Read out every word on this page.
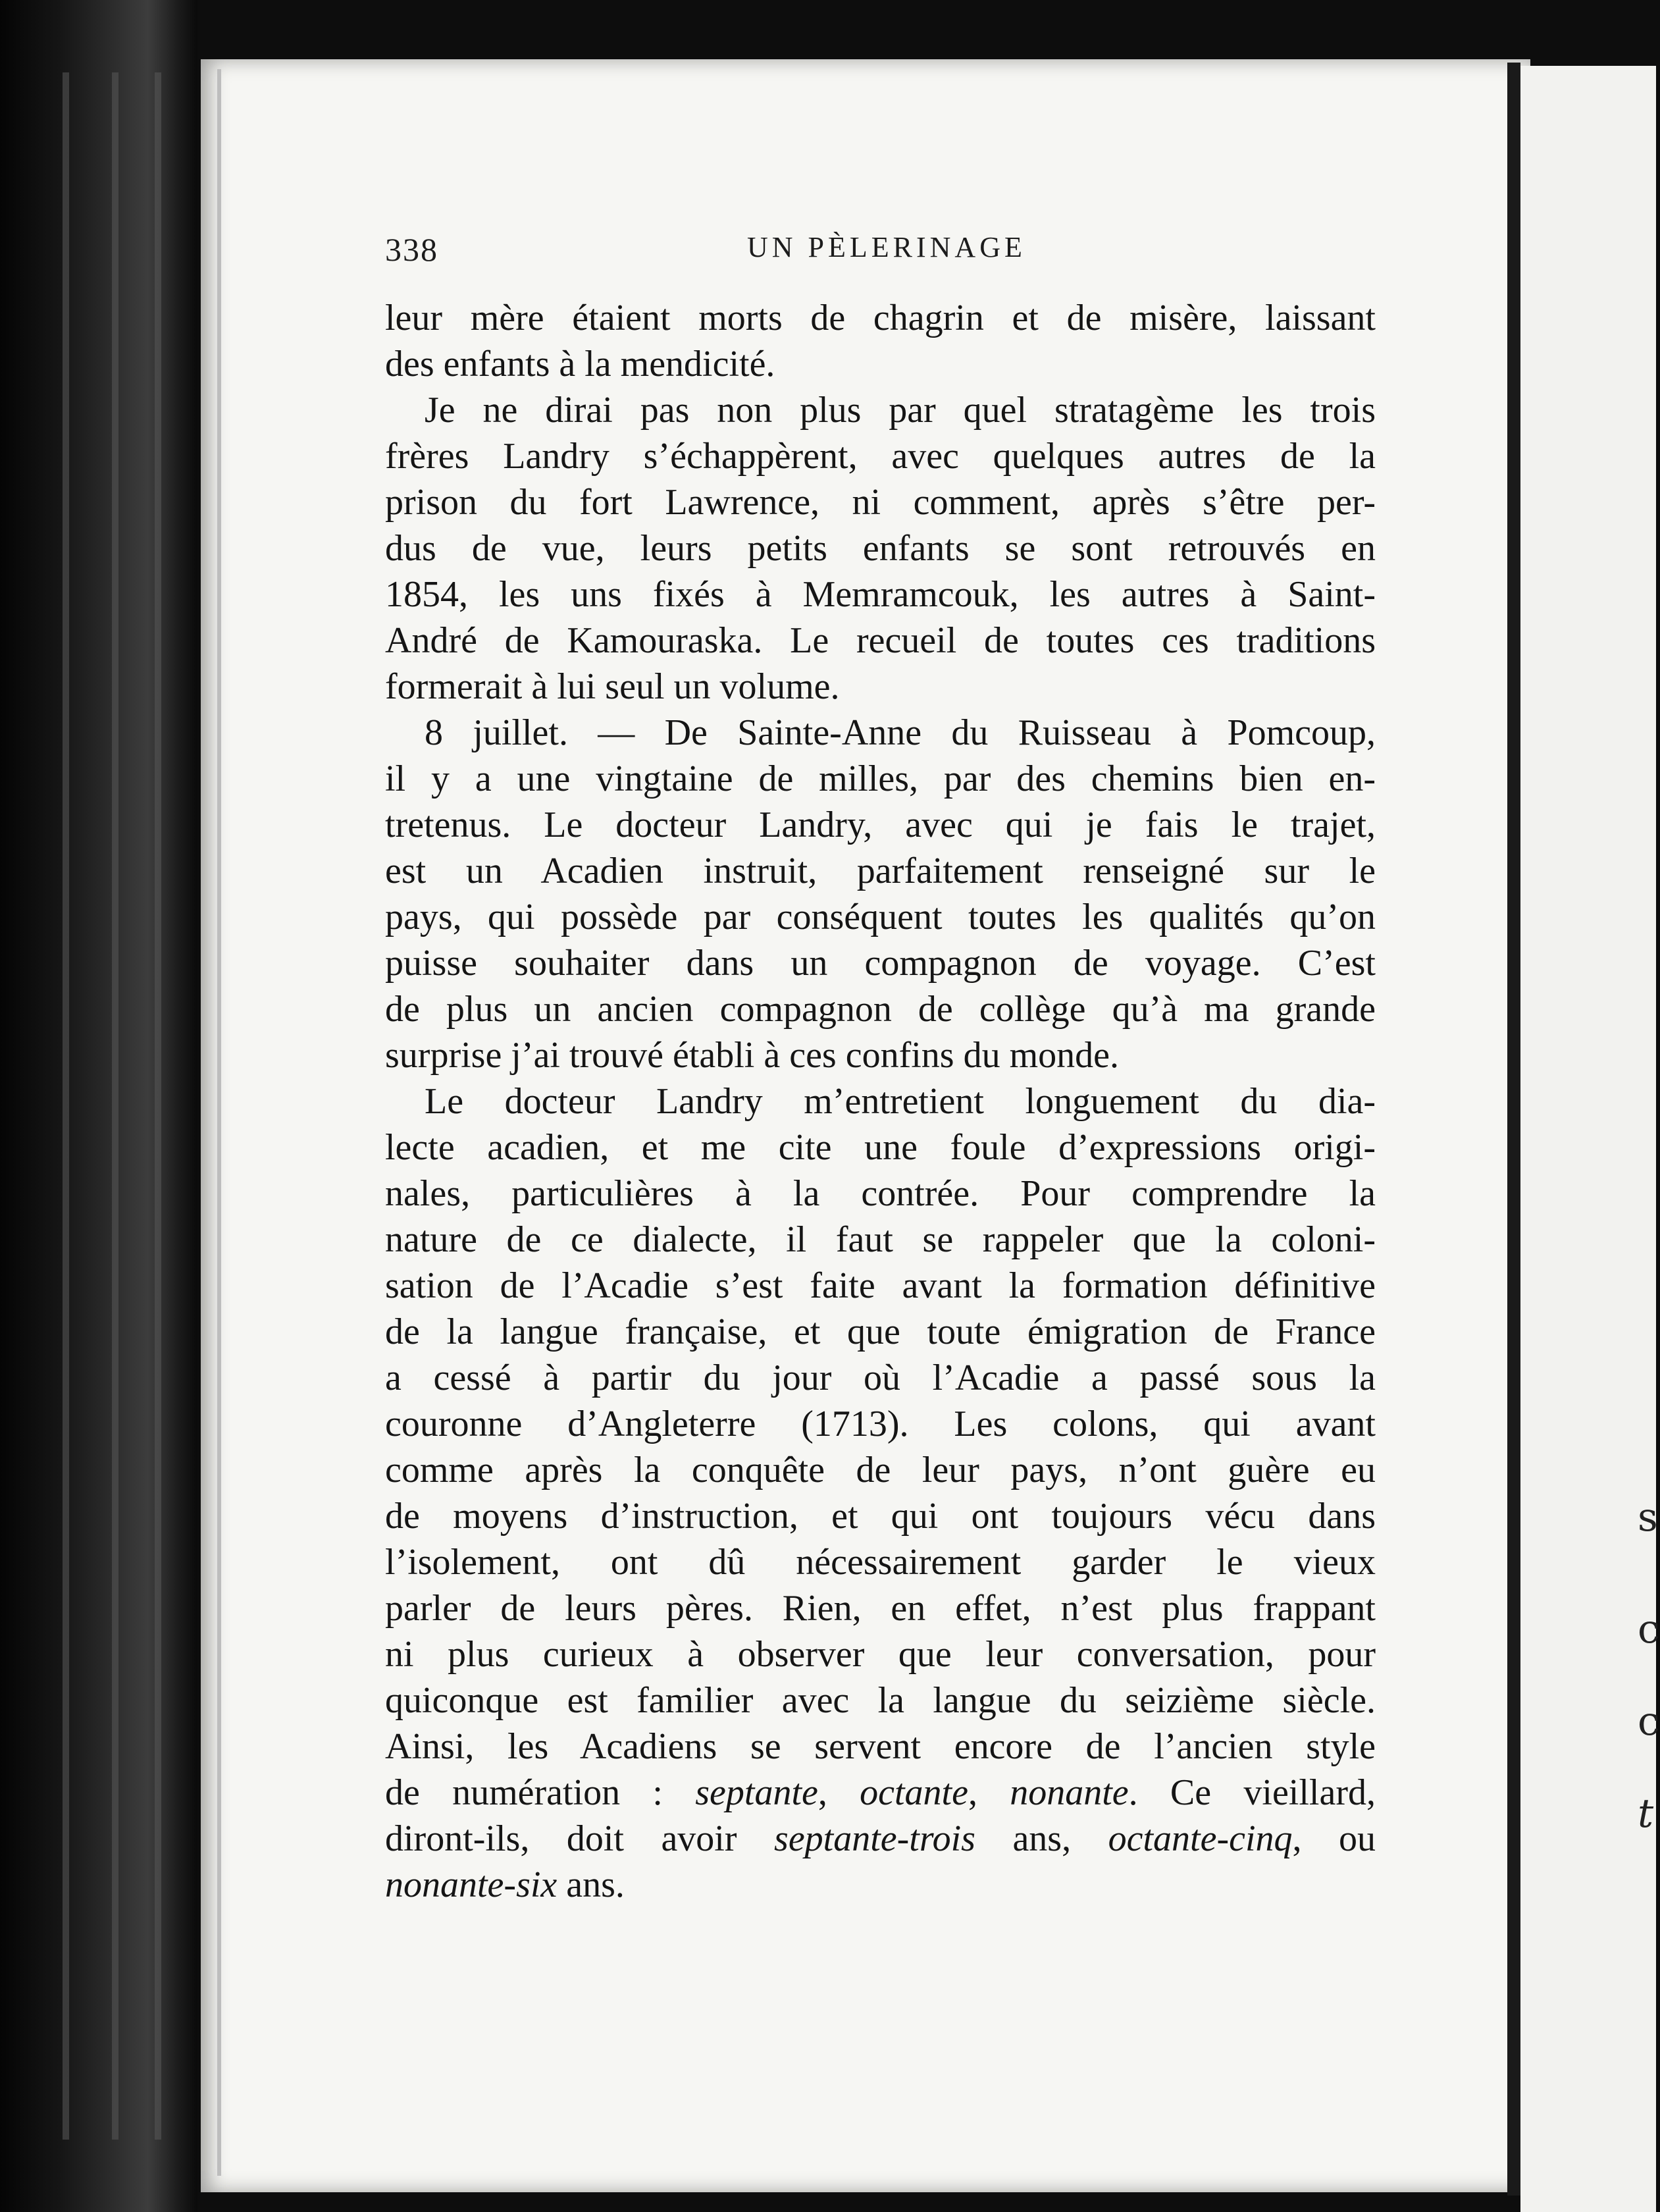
s
c
c
t
338	UN PÈLERINAGE
leur mère étaient morts de chagrin et de misère, laissant
des enfants à la mendicité.
Je ne dirai pas non plus par quel stratagème les trois
frères Landry s’échappèrent, avec quelques autres de la
prison du fort Lawrence, ni comment, après s’être per-
dus de vue, leurs petits enfants se sont retrouvés en
1854, les uns fixés à Memramcouk, les autres à Saint-
André de Kamouraska. Le recueil de toutes ces traditions
formerait à lui seul un volume.
8 juillet. — De Sainte-Anne du Ruisseau à Pomcoup,
il y a une vingtaine de milles, par des chemins bien en-
tretenus. Le docteur Landry, avec qui je fais le trajet,
est un Acadien instruit, parfaitement renseigné sur le
pays, qui possède par conséquent toutes les qualités qu’on
puisse souhaiter dans un compagnon de voyage. C’est
de plus un ancien compagnon de collège qu’à ma grande
surprise j’ai trouvé établi à ces confins du monde.
Le docteur Landry m’entretient longuement du dia-
lecte acadien, et me cite une foule d’expressions origi-
nales, particulières à la contrée. Pour comprendre la
nature de ce dialecte, il faut se rappeler que la coloni-
sation de l’Acadie s’est faite avant la formation définitive
de la langue française, et que toute émigration de France
a cessé à partir du jour où l’Acadie a passé sous la
couronne d’Angleterre (1713). Les colons, qui avant
comme après la conquête de leur pays, n’ont guère eu
de moyens d’instruction, et qui ont toujours vécu dans
l’isolement, ont dû nécessairement garder le vieux
parler de leurs pères. Rien, en effet, n’est plus frappant
ni plus curieux à observer que leur conversation, pour
quiconque est familier avec la langue du seizième siècle.
Ainsi, les Acadiens se servent encore de l’ancien style
de numération : septante, octante, nonante. Ce vieillard,
diront-ils, doit avoir septante-trois ans, octante-cinq, ou
nonante-six ans.
